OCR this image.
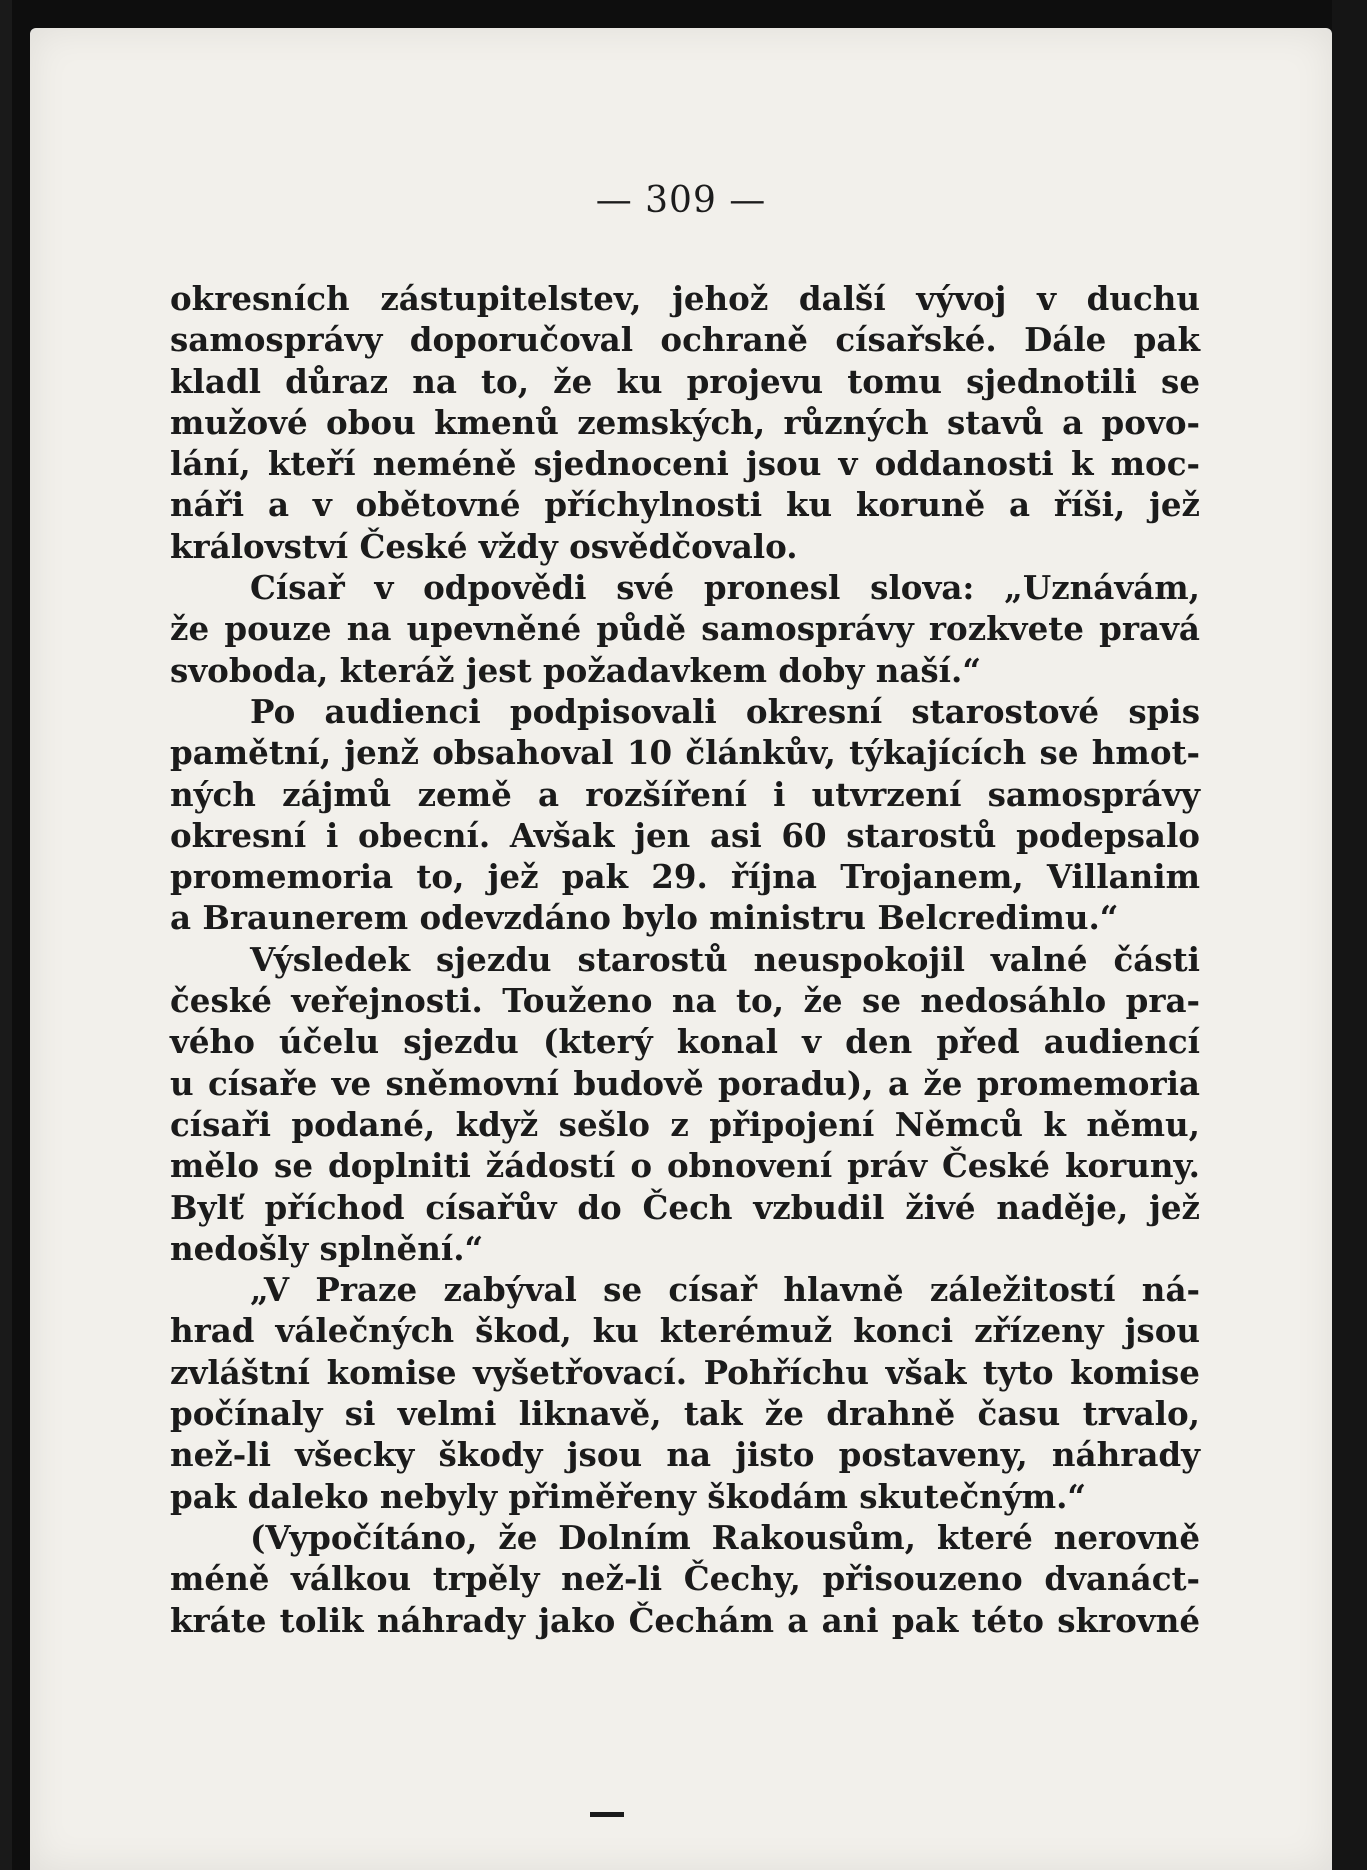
— 309 —
okresních zástupitelstev, jehož další vývoj v duchu
samosprávy doporučoval ochraně císařské. Dále pak
kladl důraz na to, že ku projevu tomu sjednotili se
mužové obou kmenů zemských, různých stavů a povo-
lání, kteří neméně sjednoceni jsou v oddanosti k moc-
náři a v obětovné příchylnosti ku koruně a říši, jež
království České vždy osvědčovalo.
Císař v odpovědi své pronesl slova: „Uznávám,
že pouze na upevněné půdě samosprávy rozkvete pravá
svoboda, kteráž jest požadavkem doby naší.“
Po audienci podpisovali okresní starostové spis
pamětní, jenž obsahoval 10 článkův, týkajících se hmot-
ných zájmů země a rozšíření i utvrzení samosprávy
okresní i obecní. Avšak jen asi 60 starostů podepsalo
promemoria to, jež pak 29. října Trojanem, Villanim
a Braunerem odevzdáno bylo ministru Belcredimu.“
Výsledek sjezdu starostů neuspokojil valné části
české veřejnosti. Touženo na to, že se nedosáhlo pra-
vého účelu sjezdu (který konal v den před audiencí
u císaře ve sněmovní budově poradu), a že promemoria
císaři podané, když sešlo z připojení Němců k němu,
mělo se doplniti žádostí o obnovení práv České koruny.
Bylť příchod císařův do Čech vzbudil živé naděje, jež
nedošly splnění.“
„V Praze zabýval se císař hlavně záležitostí ná-
hrad válečných škod, ku kterémuž konci zřízeny jsou
zvláštní komise vyšetřovací. Pohříchu však tyto komise
počínaly si velmi liknavě, tak že drahně času trvalo,
než-li všecky škody jsou na jisto postaveny, náhrady
pak daleko nebyly přiměřeny škodám skutečným.“
(Vypočítáno, že Dolním Rakousům, které nerovně
méně válkou trpěly než-li Čechy, přisouzeno dvanáct-
kráte tolik náhrady jako Čechám a ani pak této skrovné
